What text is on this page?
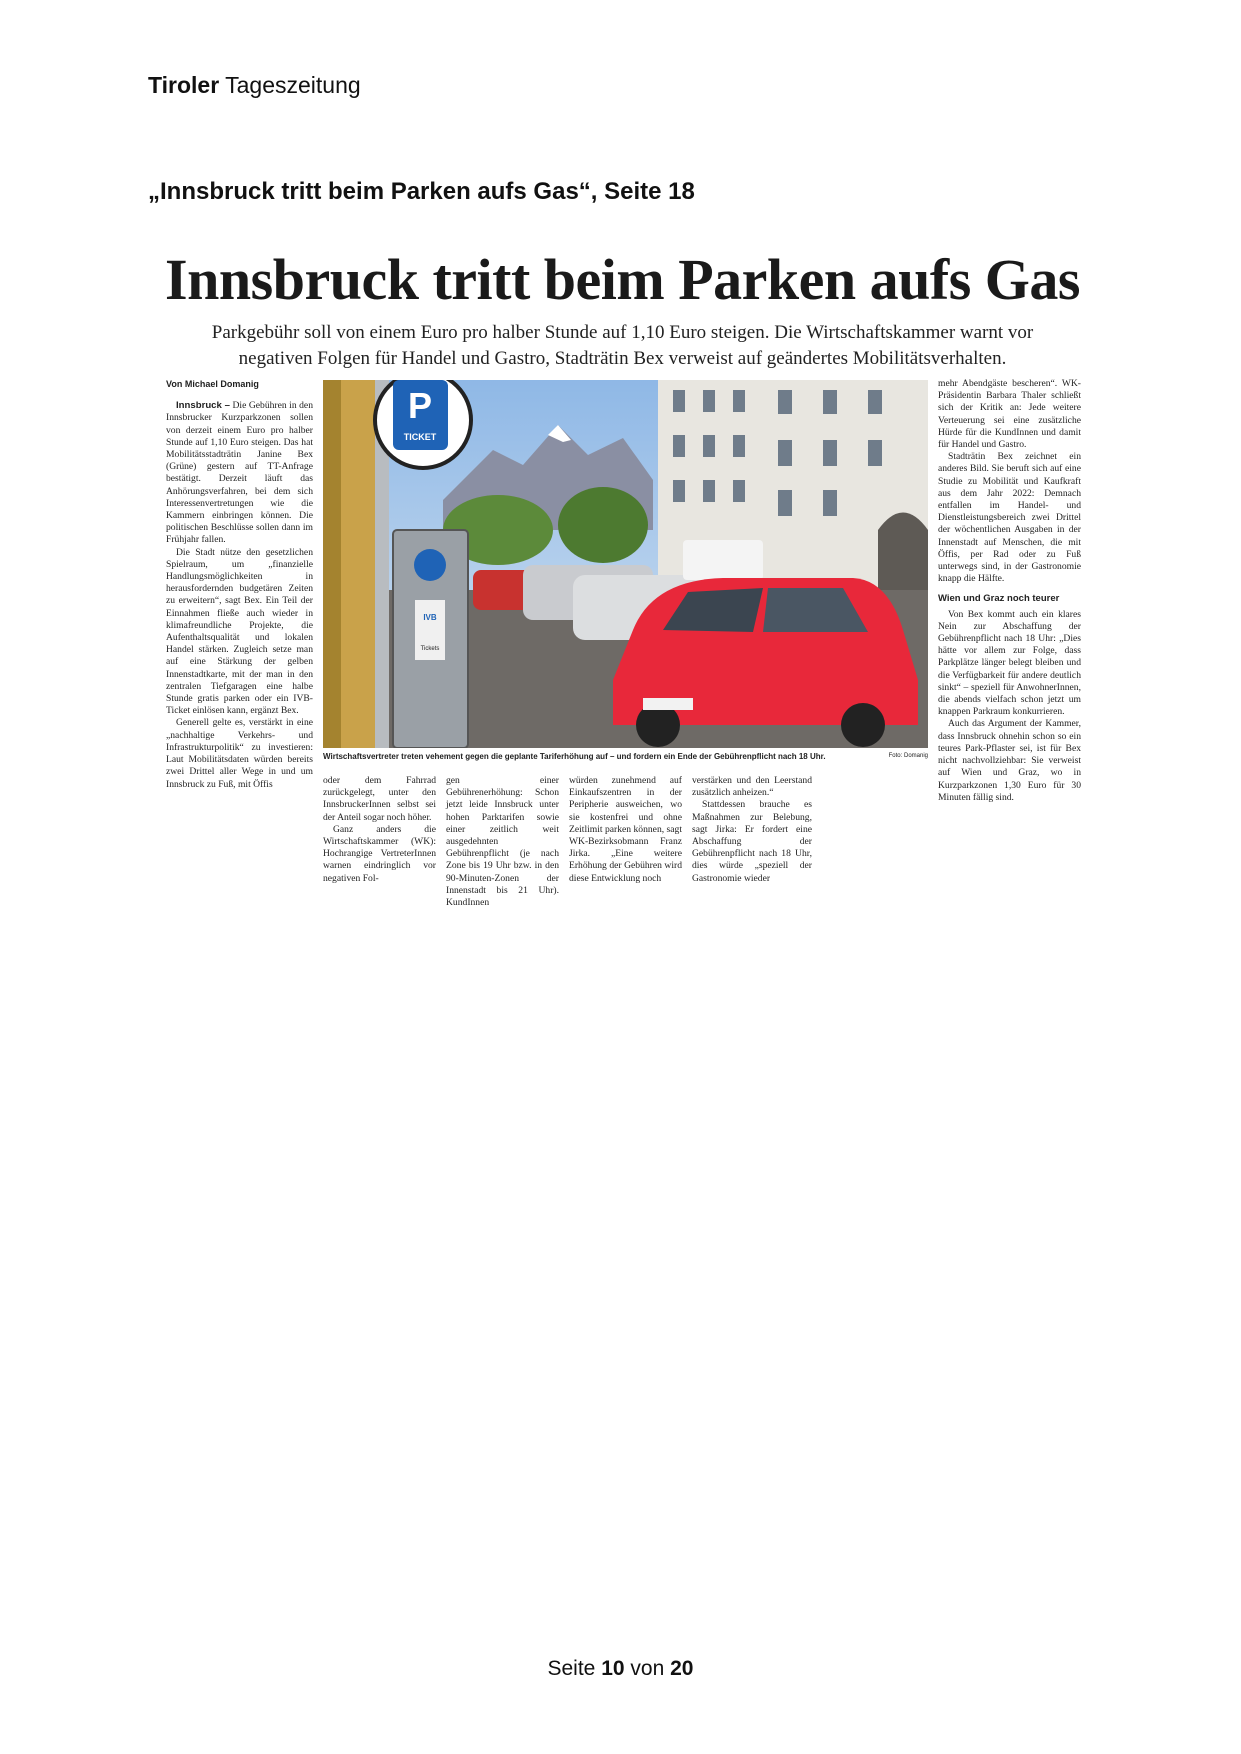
Tiroler Tageszeitung
„Innsbruck tritt beim Parken aufs Gas“, Seite 18
Innsbruck tritt beim Parken aufs Gas
Parkgebühr soll von einem Euro pro halber Stunde auf 1,10 Euro steigen. Die Wirtschaftskammer warnt vor negativen Folgen für Handel und Gastro, Stadträtin Bex verweist auf geändertes Mobilitätsverhalten.

Von Michael Domanig

Innsbruck – Die Gebühren in den Innsbrucker Kurzparkzonen sollen von derzeit einem Euro pro halber Stunde auf 1,10 Euro steigen. Das hat Mobilitätsstadträtin Janine Bex (Grüne) gestern auf TT-Anfrage bestätigt. Derzeit läuft das Anhörungsverfahren, bei dem sich Interessenvertretungen wie die Kammern einbringen können. Die politischen Beschlüsse sollen dann im Frühjahr fallen.

Die Stadt nütze den gesetzlichen Spielraum, um „finanzielle Handlungsmöglichkeiten in herausfordernden budgetären Zeiten zu erweitern“, sagt Bex. Ein Teil der Einnahmen fließe auch wieder in klimafreundliche Projekte, die Aufenthaltsqualität und lokalen Handel stärken. Zugleich setze man auf eine Stärkung der gelben Innenstadtkarte, mit der man in den zentralen Tiefgaragen eine halbe Stunde gratis parken oder ein IVB-Ticket einlösen kann, ergänzt Bex.

Generell gelte es, verstärkt in eine „nachhaltige Verkehrs- und Infrastrukturpolitik“ zu investieren: Laut Mobilitätsdaten würden bereits zwei Drittel aller Wege in und um Innsbruck zu Fuß, mit Öffis

P
TICKET
IVB
Tickets
Wirtschaftsvertreter treten vehement gegen die geplante Tariferhöhung auf – und fordern ein Ende der Gebührenpflicht nach 18 Uhr.	Foto: Domanig

oder dem Fahrrad zurückgelegt, unter den InnsbruckerInnen selbst sei der Anteil sogar noch höher.

Ganz anders die Wirtschaftskammer (WK): Hochrangige VertreterInnen warnen eindringlich vor negativen Fol-

gen einer Gebührenerhöhung: Schon jetzt leide Innsbruck unter hohen Parktarifen sowie einer zeitlich weit ausgedehnten Gebührenpflicht (je nach Zone bis 19 Uhr bzw. in den 90-Minuten-Zonen der Innenstadt bis 21 Uhr). KundInnen

würden zunehmend auf Einkaufszentren in der Peripherie ausweichen, wo sie kostenfrei und ohne Zeitlimit parken können, sagt WK-Bezirksobmann Franz Jirka. „Eine weitere Erhöhung der Gebühren wird diese Entwicklung noch

verstärken und den Leerstand zusätzlich anheizen.“

Stattdessen brauche es Maßnahmen zur Belebung, sagt Jirka: Er fordert eine Abschaffung der Gebührenpflicht nach 18 Uhr, dies würde „speziell der Gastronomie wieder

mehr Abendgäste bescheren“. WK-Präsidentin Barbara Thaler schließt sich der Kritik an: Jede weitere Verteuerung sei eine zusätzliche Hürde für die KundInnen und damit für Handel und Gastro.

Stadträtin Bex zeichnet ein anderes Bild. Sie beruft sich auf eine Studie zu Mobilität und Kaufkraft aus dem Jahr 2022: Demnach entfallen im Handel- und Dienstleistungsbereich zwei Drittel der wöchentlichen Ausgaben in der Innenstadt auf Menschen, die mit Öffis, per Rad oder zu Fuß unterwegs sind, in der Gastronomie knapp die Hälfte.

Wien und Graz noch teurer

Von Bex kommt auch ein klares Nein zur Abschaffung der Gebührenpflicht nach 18 Uhr: „Dies hätte vor allem zur Folge, dass Parkplätze länger belegt bleiben und die Verfügbarkeit für andere deutlich sinkt“ – speziell für AnwohnerInnen, die abends vielfach schon jetzt um knappen Parkraum konkurrieren.

Auch das Argument der Kammer, dass Innsbruck ohnehin schon so ein teures Park-Pflaster sei, ist für Bex nicht nachvollziehbar: Sie verweist auf Wien und Graz, wo in Kurzparkzonen 1,30 Euro für 30 Minuten fällig sind.

Seite 10 von 20
